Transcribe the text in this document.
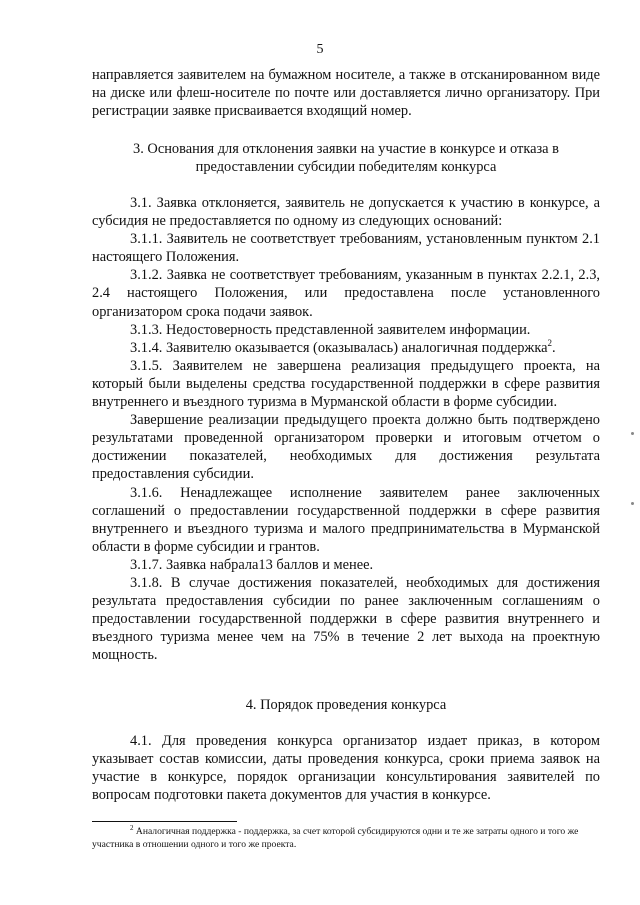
5

направляется заявителем на бумажном носителе, а также в отсканированном виде на диске или флеш-носителе по почте или доставляется лично организатору. При регистрации заявке присваивается входящий номер.

3. Основания для отклонения заявки на участие в конкурсе и отказа в предоставлении субсидии победителям конкурса

3.1. Заявка отклоняется, заявитель не допускается к участию в конкурсе, а субсидия не предоставляется по одному из следующих оснований:

3.1.1. Заявитель не соответствует требованиям, установленным пунктом 2.1 настоящего Положения.

3.1.2. Заявка не соответствует требованиям, указанным в пунктах 2.2.1, 2.3, 2.4 настоящего Положения, или предоставлена после установленного организатором срока подачи заявок.

3.1.3. Недостоверность представленной заявителем информации.

3.1.4. Заявителю оказывается (оказывалась) аналогичная поддержка$^2$.

3.1.5. Заявителем не завершена реализация предыдущего проекта, на который были выделены средства государственной поддержки в сфере развития внутреннего и въездного туризма в Мурманской области в форме субсидии.

Завершение реализации предыдущего проекта должно быть подтверждено результатами проведенной организатором проверки и итоговым отчетом о достижении показателей, необходимых для достижения результата предоставления субсидии.

3.1.6. Ненадлежащее исполнение заявителем ранее заключенных соглашений о предоставлении государственной поддержки в сфере развития внутреннего и въездного туризма и малого предпринимательства в Мурманской области в форме субсидии и грантов.

3.1.7. Заявка набрала13 баллов и менее.

3.1.8. В случае достижения показателей, необходимых для достижения результата предоставления субсидии по ранее заключенным соглашениям о предоставлении государственной поддержки в сфере развития внутреннего и въездного туризма менее чем на 75% в течение 2 лет выхода на проектную мощность.

4. Порядок проведения конкурса

4.1. Для проведения конкурса организатор издает приказ, в котором указывает состав комиссии, даты проведения конкурса, сроки приема заявок на участие в конкурсе, порядок организации консультирования заявителей по вопросам подготовки пакета документов для участия в конкурсе.

$^2$ Аналогичная поддержка - поддержка, за счет которой субсидируются одни и те же затраты одного и того же участника в отношении одного и того же проекта.
